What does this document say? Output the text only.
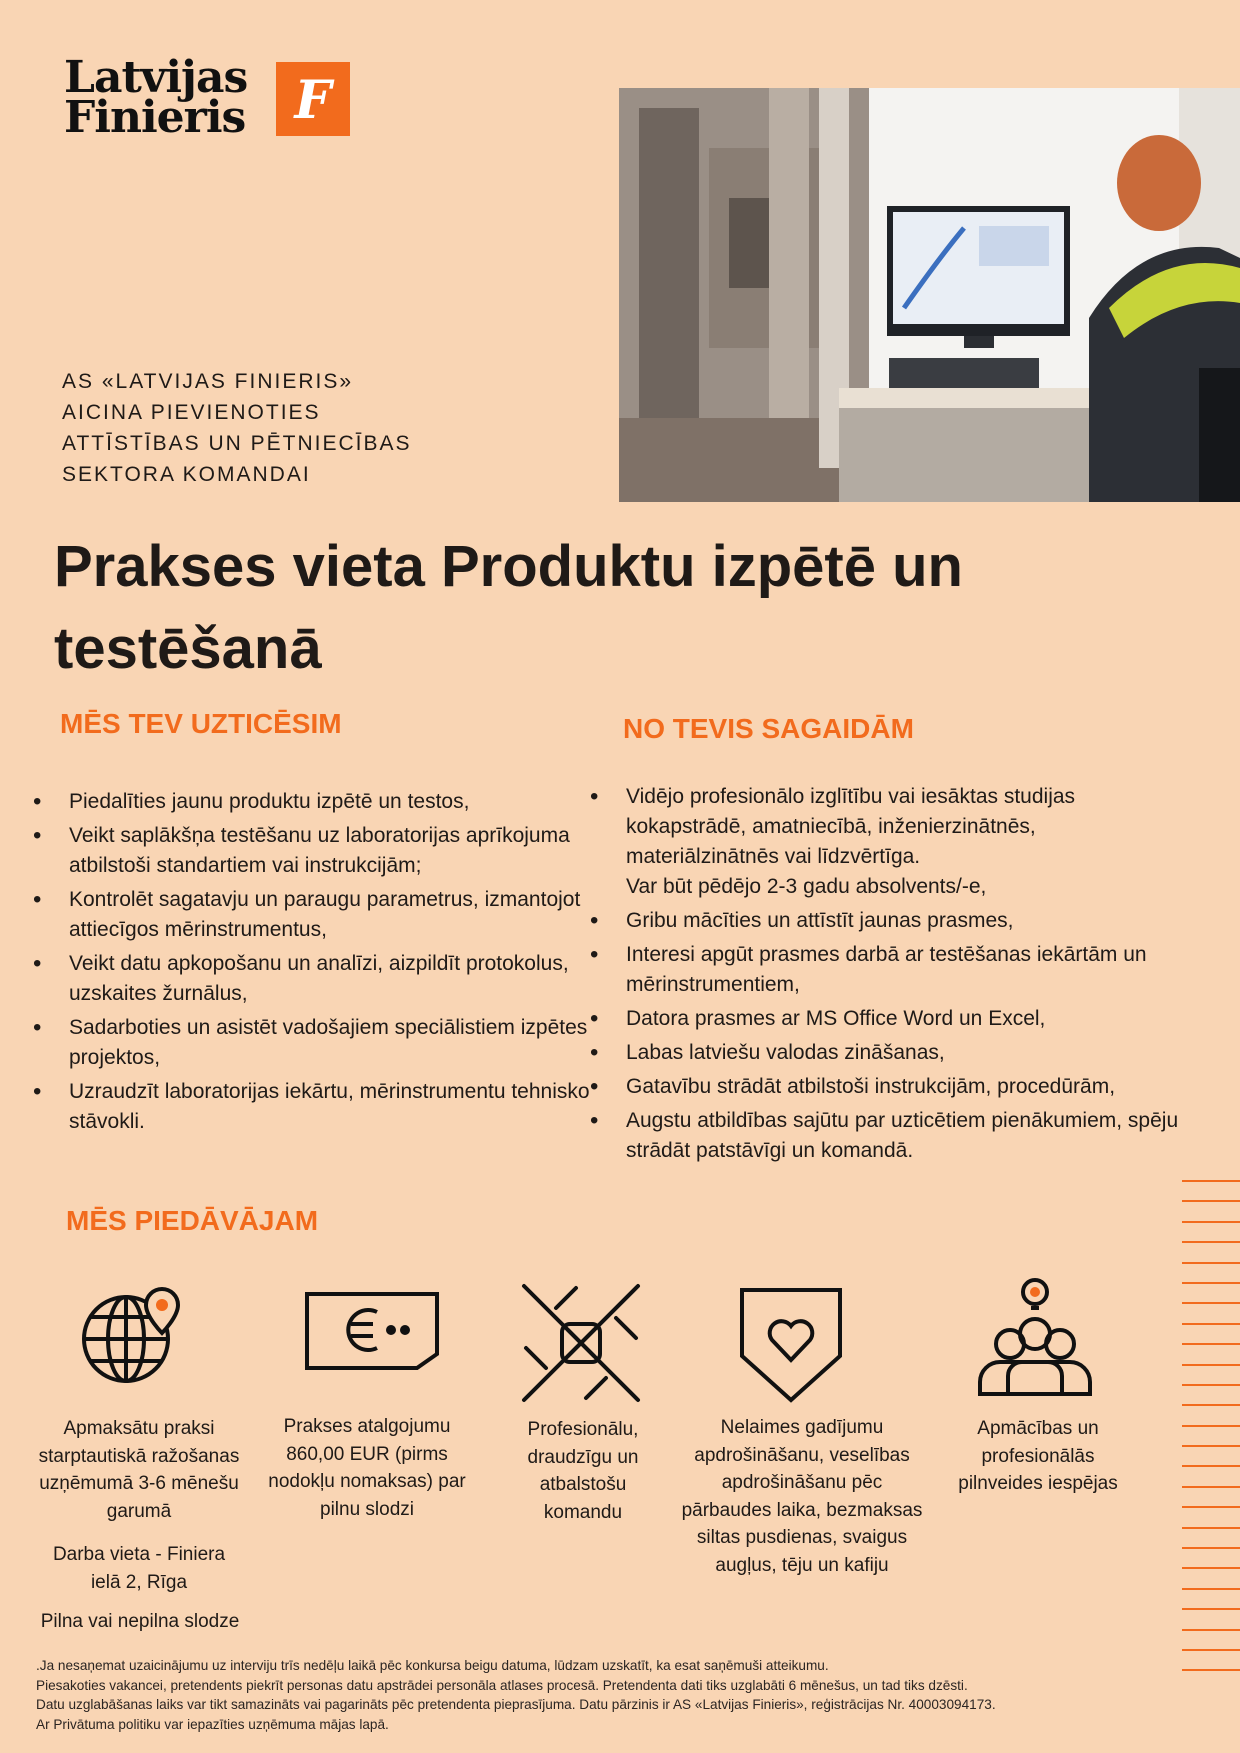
Latvijas
Finieris F
AS «LATVIJAS FINIERIS»
AICINA PIEVIENOTIES
ATTĪSTĪBAS UN PĒTNIECĪBAS
SEKTORA KOMANDAI
Prakses vieta Produktu izpētē un testēšanā
MĒS TEV UZTICĒSIM
• Piedalīties jaunu produktu izpētē un testos,
• Veikt saplākšņa testēšanu uz laboratorijas aprīkojuma atbilstoši standartiem vai instrukcijām;
• Kontrolēt sagatavju un paraugu parametrus, izmantojot attiecīgos mērinstrumentus,
• Veikt datu apkopošanu un analīzi, aizpildīt protokolus, uzskaites žurnālus,
• Sadarboties un asistēt vadošajiem speciālistiem izpētes projektos,
• Uzraudzīt laboratorijas iekārtu, mērinstrumentu tehnisko stāvokli.
NO TEVIS SAGAIDĀM
• Vidējo profesionālo izglītību vai iesāktas studijas kokapstrādē, amatniecībā, inženierzinātnēs, materiālzinātnēs vai līdzvērtīga.
Var būt pēdējo 2-3 gadu absolvents/-e,
• Gribu mācīties un attīstīt jaunas prasmes,
• Interesi apgūt prasmes darbā ar testēšanas iekārtām un mērinstrumentiem,
• Datora prasmes ar MS Office Word un Excel,
• Labas latviešu valodas zināšanas,
• Gatavību strādāt atbilstoši instrukcijām, procedūrām,
• Augstu atbildības sajūtu par uzticētiem pienākumiem, spēju strādāt patstāvīgi un komandā.
MĒS PIEDĀVĀJAM

Apmaksātu praksi starptautiskā ražošanas uzņēmumā 3-6 mēnešu garumā

Darba vieta - Finiera ielā 2, Rīga

Pilna vai nepilna slodze

Prakses atalgojumu 860,00 EUR (pirms nodokļu nomaksas) par pilnu slodzi

Profesionālu, draudzīgu un atbalstošu komandu

Nelaimes gadījumu apdrošināšanu, veselības apdrošināšanu pēc pārbaudes laika, bezmaksas siltas pusdienas, svaigus augļus, tēju un kafiju

Apmācības un profesionālās pilnveides iespējas

.Ja nesaņemat uzaicinājumu uz interviju trīs nedēļu laikā pēc konkursa beigu datuma, lūdzam uzskatīt, ka esat saņēmuši atteikumu.
Piesakoties vakancei, pretendents piekrīt personas datu apstrādei personāla atlases procesā. Pretendenta dati tiks uzglabāti 6 mēnešus, un tad tiks dzēsti.
Datu uzglabāšanas laiks var tikt samazināts vai pagarināts pēc pretendenta pieprasījuma. Datu pārzinis ir AS «Latvijas Finieris», reģistrācijas Nr. 40003094173.
Ar Privātuma politiku var iepazīties uzņēmuma mājas lapā.
